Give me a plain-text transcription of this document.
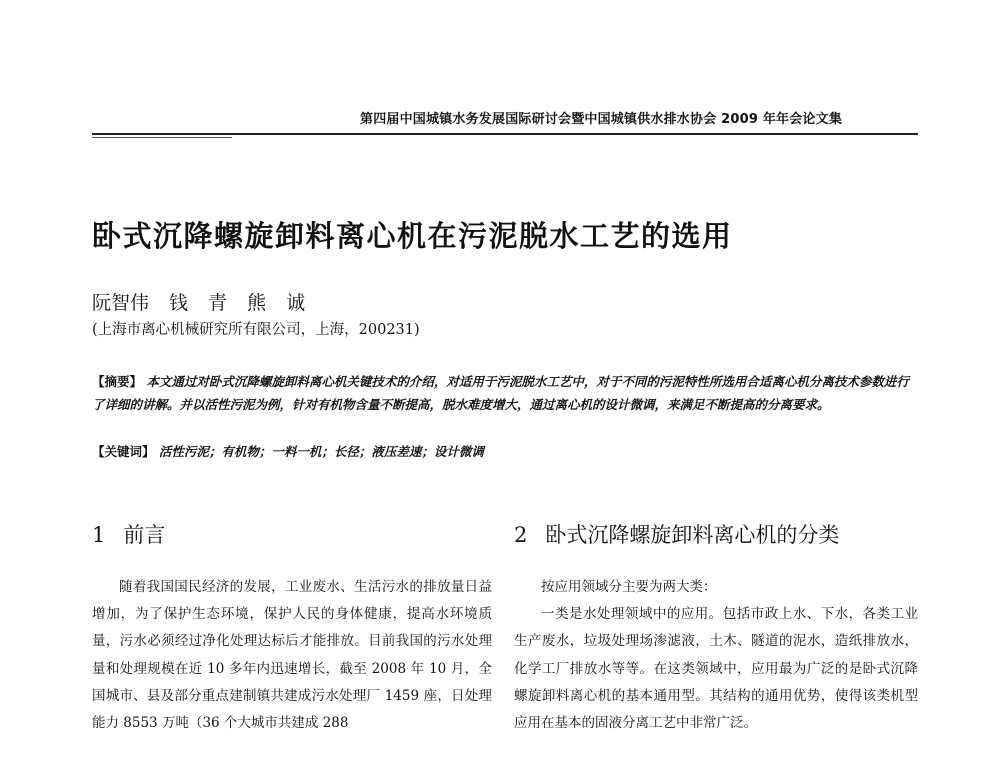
第四届中国城镇水务发展国际研讨会暨中国城镇供水排水协会 2009 年年会论文集
卧式沉降螺旋卸料离心机在污泥脱水工艺的选用
阮智伟 钱 青 熊 诚
(上海市离心机械研究所有限公司，上海，200231)
【摘要】 本文通过对卧式沉降螺旋卸料离心机关键技术的介绍，对适用于污泥脱水工艺中，对于不同的污泥特性所选用合适离心机分离技术参数进行了详细的讲解。并以活性污泥为例，针对有机物含量不断提高，脱水难度增大，通过离心机的设计微调，来满足不断提高的分离要求。
【关键词】 活性污泥；有机物；一料一机；长径；液压差速；设计微调
1 前言	2 卧式沉降螺旋卸料离心机的分类

随着我国国民经济的发展，工业废水、生活污水的排放量日益增加，为了保护生态环境，保护人民的身体健康，提高水环境质量，污水必须经过净化处理达标后才能排放。目前我国的污水处理量和处理规模在近 10 多年内迅速增长，截至 2008 年 10 月，全国城市、县及部分重点建制镇共建成污水处理厂 1459 座，日处理能力 8553 万吨（36 个大城市共建成 288

按应用领域分主要为两大类：

一类是水处理领域中的应用。包括市政上水、下水，各类工业生产废水，垃圾处理场渗滤液，土木、隧道的泥水，造纸排放水，化学工厂排放水等等。在这类领域中，应用最为广泛的是卧式沉降螺旋卸料离心机的基本通用型。其结构的通用优势，使得该类机型应用在基本的固液分离工艺中非常广泛。
